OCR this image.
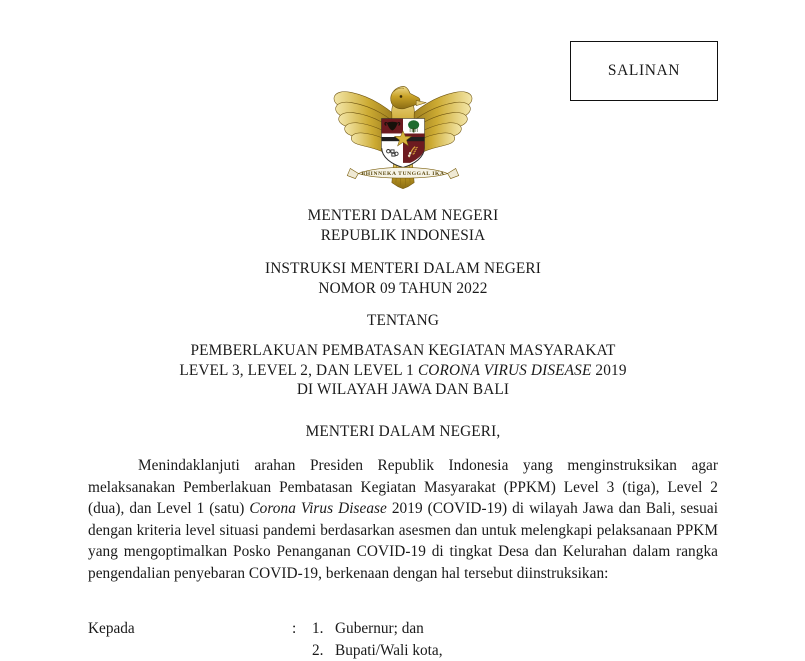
SALINAN
BHINNEKA TUNGGAL IKA
MENTERI DALAM NEGERI
REPUBLIK INDONESIA
INSTRUKSI MENTERI DALAM NEGERI
NOMOR 09 TAHUN 2022
TENTANG
PEMBERLAKUAN PEMBATASAN KEGIATAN MASYARAKAT
LEVEL 3, LEVEL 2, DAN LEVEL 1 CORONA VIRUS DISEASE 2019
DI WILAYAH JAWA DAN BALI
MENTERI DALAM NEGERI,
Menindaklanjuti arahan Presiden Republik Indonesia yang menginstruksikan agar melaksanakan Pemberlakuan Pembatasan Kegiatan Masyarakat (PPKM) Level 3 (tiga), Level 2 (dua), dan Level 1 (satu) Corona Virus Disease 2019 (COVID-19) di wilayah Jawa dan Bali, sesuai dengan kriteria level situasi pandemi berdasarkan asesmen dan untuk melengkapi pelaksanaan PPKM yang mengoptimalkan Posko Penanganan COVID-19 di tingkat Desa dan Kelurahan dalam rangka pengendalian penyebaran COVID-19, berkenaan dengan hal tersebut diinstruksikan:
Kepada	:	1. Gubernur; dan
2. Bupati/Wali kota,
